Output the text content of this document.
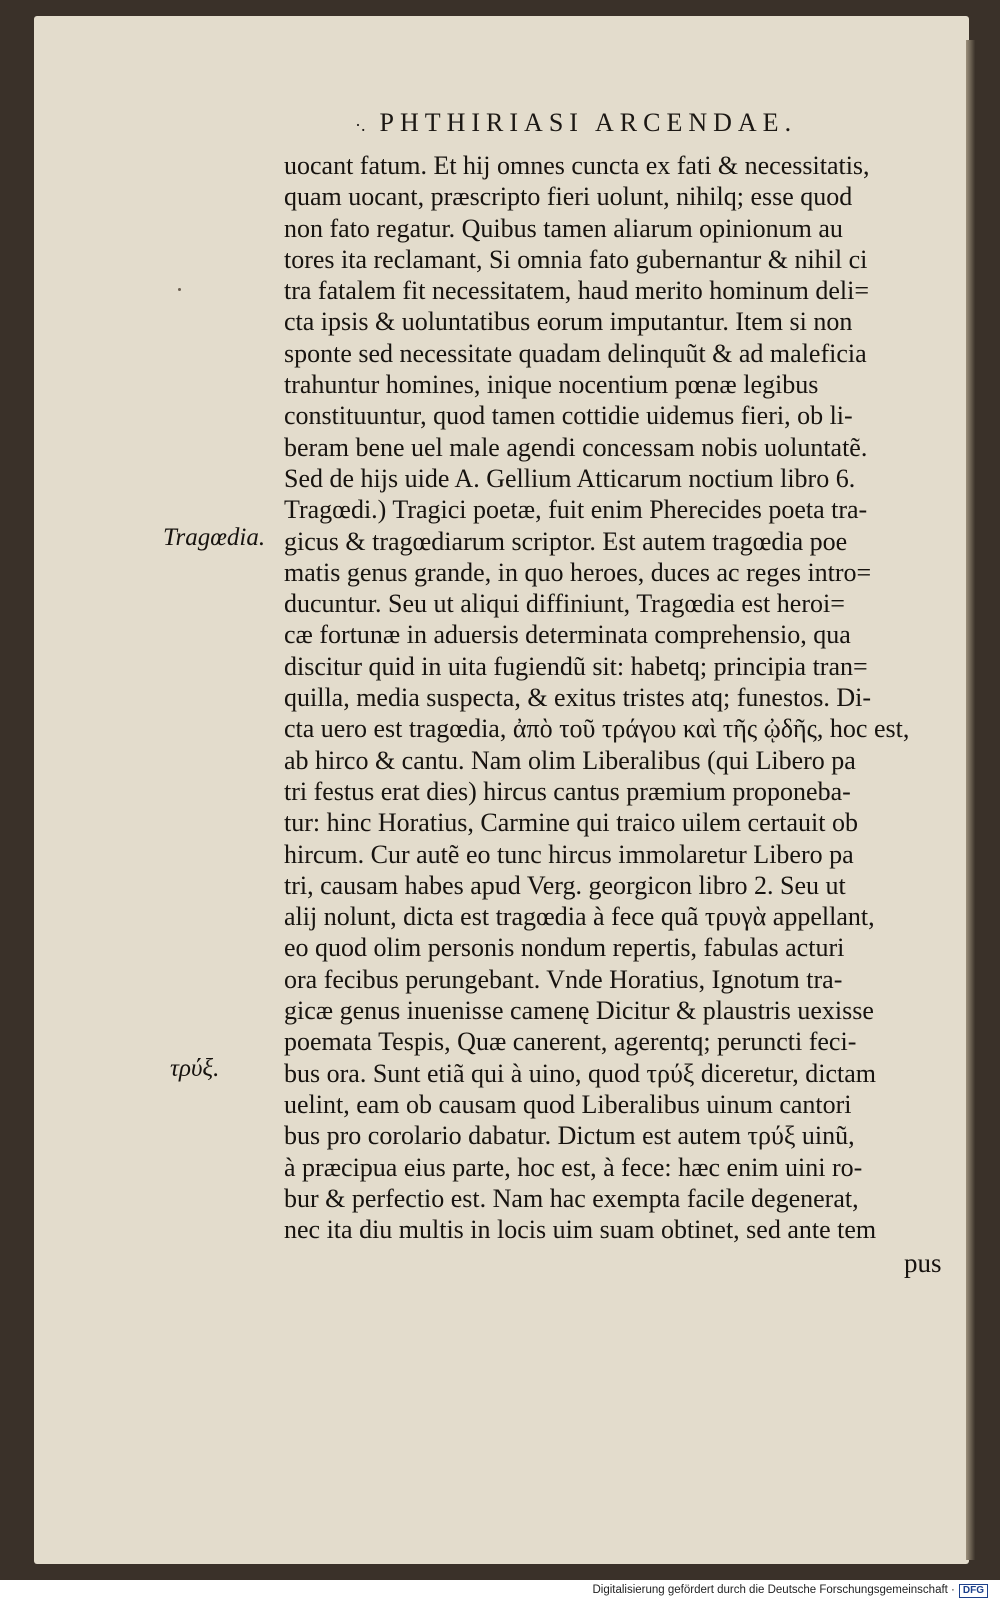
·. PHTHIRIASI ARCENDAE.
Tragœdia.
τρύξ.
uocant fatum. Et hij omnes cuncta ex fati & necessitatis,
quam uocant, præscripto fieri uolunt, nihilq; esse quod
non fato regatur. Quibus tamen aliarum opinionum au
tores ita reclamant, Si omnia fato gubernantur & nihil ci
tra fatalem fit necessitatem, haud merito hominum deli=
cta ipsis & uoluntatibus eorum imputantur. Item si non
sponte sed necessitate quadam delinquũt & ad maleficia
trahuntur homines, inique nocentium pœnæ legibus
constituuntur, quod tamen cottidie uidemus fieri, ob li-
beram bene uel male agendi concessam nobis uoluntatẽ.
Sed de hijs uide A. Gellium Atticarum noctium libro 6.
Tragœdi.) Tragici poetæ, fuit enim Pherecides poeta tra-
gicus & tragœdiarum scriptor. Est autem tragœdia poe
matis genus grande, in quo heroes, duces ac reges intro=
ducuntur. Seu ut aliqui diffiniunt, Tragœdia est heroi=
cæ fortunæ in aduersis determinata comprehensio, qua
discitur quid in uita fugiendũ sit: habetq; principia tran=
quilla, media suspecta, & exitus tristes atq; funestos. Di-
cta uero est tragœdia, ἀπὸ τοῦ τράγου καὶ τῆς ᾠδῆς, hoc est,
ab hirco & cantu. Nam olim Liberalibus (qui Libero pa
tri festus erat dies) hircus cantus præmium proponeba-
tur: hinc Horatius, Carmine qui traico uilem certauit ob
hircum. Cur autẽ eo tunc hircus immolaretur Libero pa
tri, causam habes apud Verg. georgicon libro 2. Seu ut
alij nolunt, dicta est tragœdia à fece quã τρυγὰ appellant,
eo quod olim personis nondum repertis, fabulas acturi
ora fecibus perungebant. Vnde Horatius, Ignotum tra-
gicæ genus inuenisse camenę Dicitur & plaustris uexisse
poemata Tespis, Quæ canerent, agerentq; peruncti feci-
bus ora. Sunt etiã qui à uino, quod τρύξ diceretur, dictam
uelint, eam ob causam quod Liberalibus uinum cantori
bus pro corolario dabatur. Dictum est autem τρύξ uinũ,
à præcipua eius parte, hoc est, à fece: hæc enim uini ro-
bur & perfectio est. Nam hac exempta facile degenerat,
nec ita diu multis in locis uim suam obtinet, sed ante tem
pus
Digitalisierung gefördert durch die Deutsche Forschungsgemeinschaft · DFG
